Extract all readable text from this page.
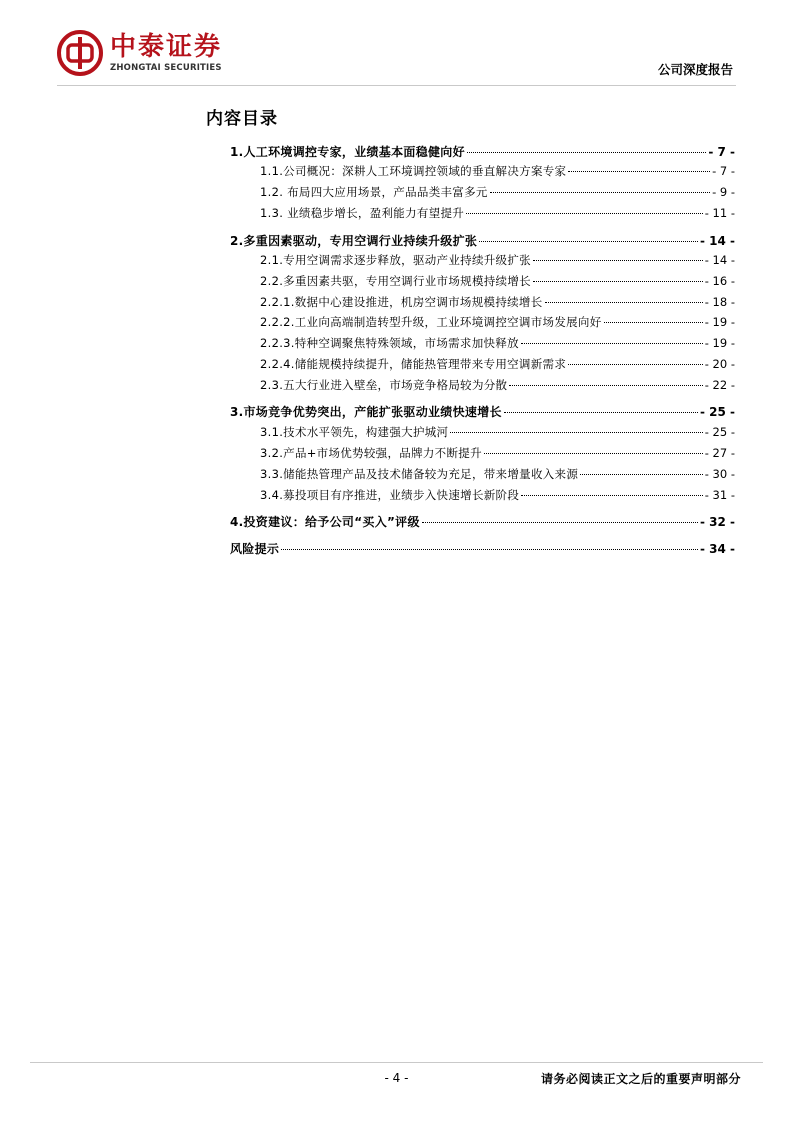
中泰证券
ZHONGTAI SECURITIES	公司深度报告
内容目录
1.人工环境调控专家，业绩基本面稳健向好	- 7 -
1.1.公司概况：深耕人工环境调控领域的垂直解决方案专家	- 7 -
1.2. 布局四大应用场景，产品品类丰富多元	- 9 -
1.3. 业绩稳步增长，盈利能力有望提升	- 11 -
2.多重因素驱动，专用空调行业持续升级扩张	- 14 -
2.1.专用空调需求逐步释放，驱动产业持续升级扩张	- 14 -
2.2.多重因素共驱，专用空调行业市场规模持续增长	- 16 -
2.2.1.数据中心建设推进，机房空调市场规模持续增长	- 18 -
2.2.2.工业向高端制造转型升级，工业环境调控空调市场发展向好	- 19 -
2.2.3.特种空调聚焦特殊领域，市场需求加快释放	- 19 -
2.2.4.储能规模持续提升，储能热管理带来专用空调新需求	- 20 -
2.3.五大行业进入壁垒，市场竞争格局较为分散	- 22 -
3.市场竞争优势突出，产能扩张驱动业绩快速增长	- 25 -
3.1.技术水平领先，构建强大护城河	- 25 -
3.2.产品+市场优势较强，品牌力不断提升	- 27 -
3.3.储能热管理产品及技术储备较为充足，带来增量收入来源	- 30 -
3.4.募投项目有序推进，业绩步入快速增长新阶段	- 31 -
4.投资建议：给予公司“买入”评级	- 32 -
风险提示	- 34 -
- 4 -	请务必阅读正文之后的重要声明部分
